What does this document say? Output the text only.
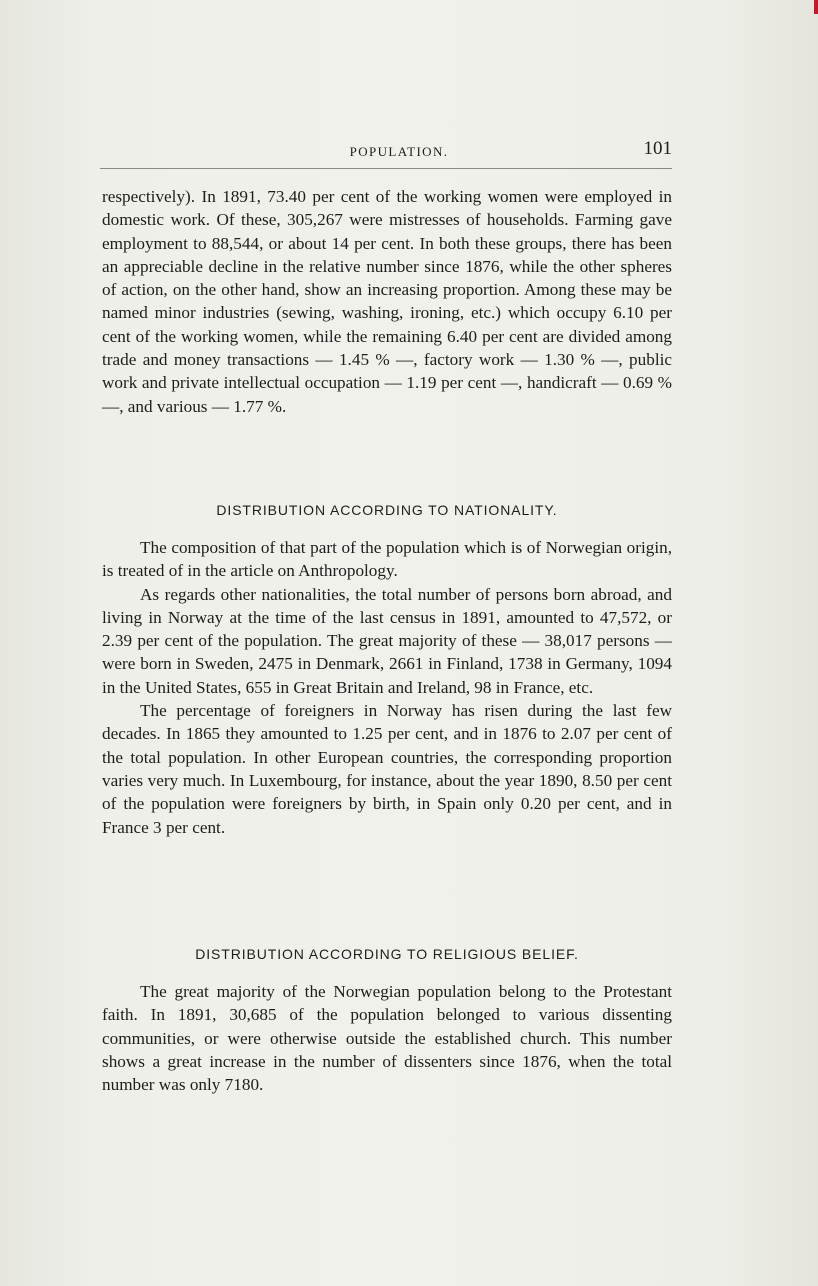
POPULATION.	101

respectively). In 1891, 73.40 per cent of the working women were employed in domestic work. Of these, 305,267 were mistresses of households. Farming gave employment to 88,544, or about 14 per cent. In both these groups, there has been an appreciable decline in the relative number since 1876, while the other spheres of action, on the other hand, show an increasing proportion. Among these may be named minor industries (sewing, washing, ironing, etc.) which occupy 6.10 per cent of the working women, while the remaining 6.40 per cent are divided among trade and money transactions — 1.45 % —, factory work — 1.30 % —, public work and private intellectual occupation — 1.19 per cent —, handicraft — 0.69 % —, and various — 1.77 %.

DISTRIBUTION ACCORDING TO NATIONALITY.

The composition of that part of the population which is of Norwegian origin, is treated of in the article on Anthropology.

As regards other nationalities, the total number of persons born abroad, and living in Norway at the time of the last census in 1891, amounted to 47,572, or 2.39 per cent of the population. The great majority of these — 38,017 persons — were born in Sweden, 2475 in Denmark, 2661 in Finland, 1738 in Germany, 1094 in the United States, 655 in Great Britain and Ireland, 98 in France, etc.

The percentage of foreigners in Norway has risen during the last few decades. In 1865 they amounted to 1.25 per cent, and in 1876 to 2.07 per cent of the total population. In other European countries, the corresponding proportion varies very much. In Luxembourg, for instance, about the year 1890, 8.50 per cent of the population were foreigners by birth, in Spain only 0.20 per cent, and in France 3 per cent.

DISTRIBUTION ACCORDING TO RELIGIOUS BELIEF.

The great majority of the Norwegian population belong to the Protestant faith. In 1891, 30,685 of the population belonged to various dissenting communities, or were otherwise outside the established church. This number shows a great increase in the number of dissenters since 1876, when the total number was only 7180.
